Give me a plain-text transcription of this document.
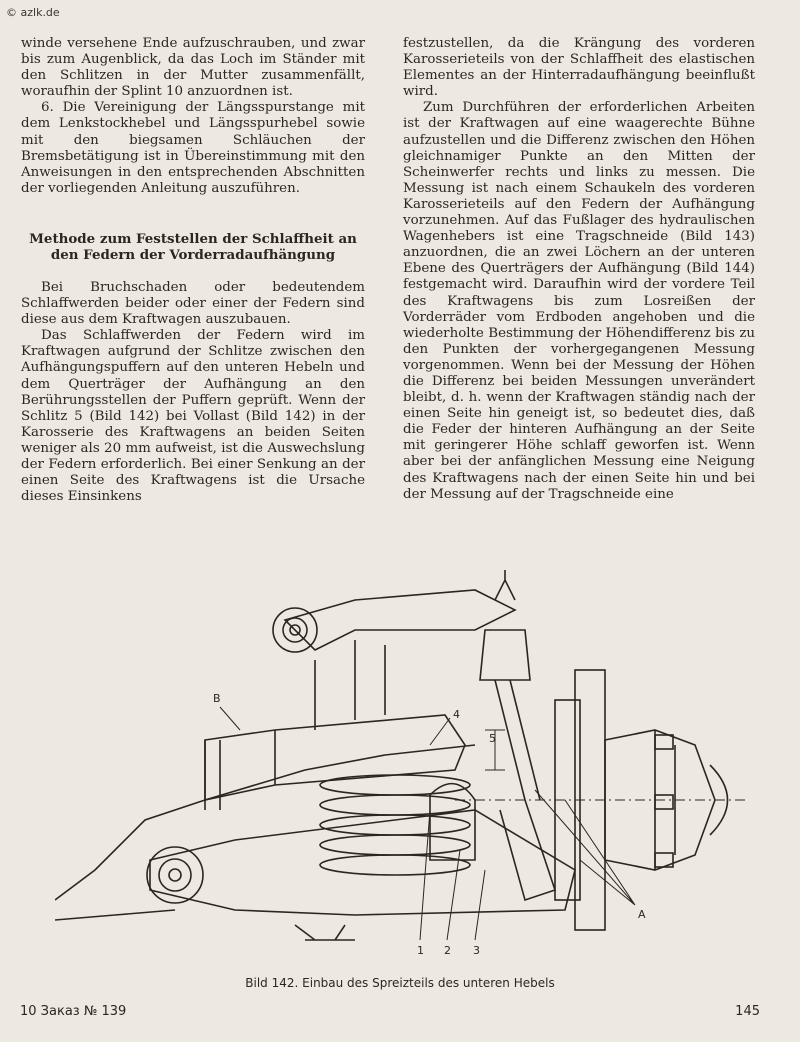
© azlk.de

winde versehene Ende aufzuschrauben, und zwar bis zum Augenblick, da das Loch im Ständer mit den Schlitzen in der Mutter zusammenfällt, woraufhin der Splint 10 anzuordnen ist.

6. Die Vereinigung der Längsspurstange mit dem Lenkstockhebel und Längsspurhebel sowie mit den biegsamen Schläuchen der Bremsbetätigung ist in Übereinstimmung mit den Anweisungen in den entsprechenden Abschnitten der vorliegenden Anleitung auszuführen.

Methode zum Feststellen der Schlaffheit an den Federn der Vorderradaufhängung

Bei Bruchschaden oder bedeutendem Schlaffwerden beider oder einer der Federn sind diese aus dem Kraftwagen auszubauen.

Das Schlaffwerden der Federn wird im Kraftwagen aufgrund der Schlitze zwischen den Aufhängungspuffern auf den unteren Hebeln und dem Querträger der Aufhängung an den Berührungsstellen der Puffern geprüft. Wenn der Schlitz 5 (Bild 142) bei Vollast (Bild 142) in der Karosserie des Kraftwagens an beiden Seiten weniger als 20 mm aufweist, ist die Auswechslung der Federn erforderlich. Bei einer Senkung an der einen Seite des Kraftwagens ist die Ursache dieses Einsinkens

festzustellen, da die Krängung des vorderen Karosserieteils von der Schlaffheit des elastischen Elementes an der Hinterradaufhängung beeinflußt wird.

Zum Durchführen der erforderlichen Arbeiten ist der Kraftwagen auf eine waagerechte Bühne aufzustellen und die Differenz zwischen den Höhen gleichnamiger Punkte an den Mitten der Scheinwerfer rechts und links zu messen. Die Messung ist nach einem Schaukeln des vorderen Karosserieteils auf den Federn der Aufhängung vorzunehmen. Auf das Fußlager des hydraulischen Wagenhebers ist eine Tragschneide (Bild 143) anzuordnen, die an zwei Löchern an der unteren Ebene des Querträgers der Aufhängung (Bild 144) festgemacht wird. Daraufhin wird der vordere Teil des Kraftwagens bis zum Losreißen der Vorderräder vom Erdboden angehoben und die wiederholte Bestimmung der Höhendifferenz bis zu den Punkten der vorhergegangenen Messung vorgenommen. Wenn bei der Messung der Höhen die Differenz bei beiden Messungen unverändert bleibt, d. h. wenn der Kraftwagen ständig nach der einen Seite hin geneigt ist, so bedeutet dies, daß die Feder der hinteren Aufhängung an der Seite mit geringerer Höhe schlaff geworfen ist. Wenn aber bei der anfänglichen Messung eine Neigung des Kraftwagens nach der einen Seite hin und bei der Messung auf der Tragschneide eine

B
4
5
1 2 3
A
Bild 142. Einbau des Spreizteils des unteren Hebels
10 Заказ № 139	145
